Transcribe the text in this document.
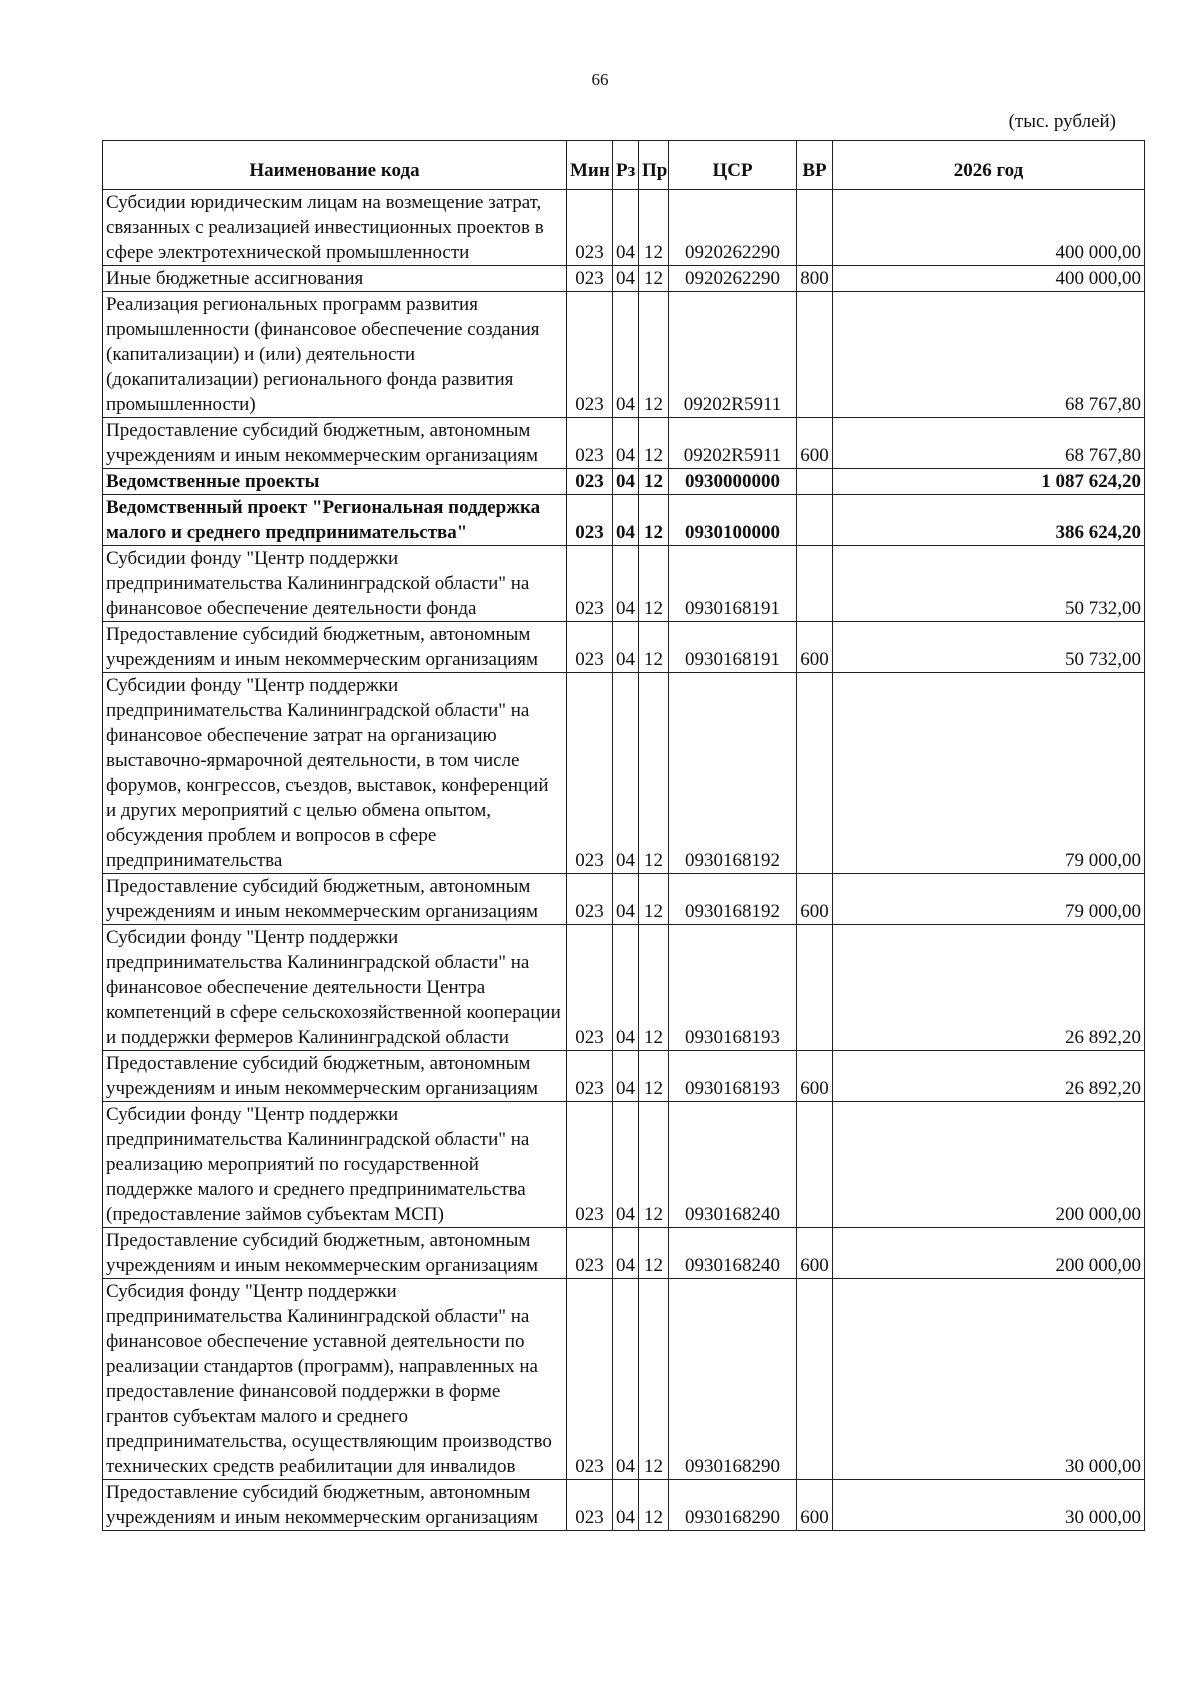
66
(тыс. рублей)
Наименование кода	Мин	Рз	Пр	ЦСР	ВР	2026 год
Субсидии юридическим лицам на возмещение затрат, связанных с реализацией инвестиционных проектов в сфере электротехнической промышленности	023	04	12	0920262290		400 000,00
Иные бюджетные ассигнования	023	04	12	0920262290	800	400 000,00
Реализация региональных программ развития промышленности (финансовое обеспечение создания (капитализации) и (или) деятельности (докапитализации) регионального фонда развития промышленности)	023	04	12	09202R5911		68 767,80
Предоставление субсидий бюджетным, автономным учреждениям и иным некоммерческим организациям	023	04	12	09202R5911	600	68 767,80
Ведомственные проекты	023	04	12	0930000000		1 087 624,20
Ведомственный проект "Региональная поддержка малого и среднего предпринимательства"	023	04	12	0930100000		386 624,20
Субсидии фонду "Центр поддержки предпринимательства Калининградской области" на финансовое обеспечение деятельности фонда	023	04	12	0930168191		50 732,00
Предоставление субсидий бюджетным, автономным учреждениям и иным некоммерческим организациям	023	04	12	0930168191	600	50 732,00
Субсидии фонду "Центр поддержки предпринимательства Калининградской области" на финансовое обеспечение затрат на организацию выставочно-ярмарочной деятельности, в том числе форумов, конгрессов, съездов, выставок, конференций и других мероприятий с целью обмена опытом, обсуждения проблем и вопросов в сфере предпринимательства	023	04	12	0930168192		79 000,00
Предоставление субсидий бюджетным, автономным учреждениям и иным некоммерческим организациям	023	04	12	0930168192	600	79 000,00
Субсидии фонду "Центр поддержки предпринимательства Калининградской области" на финансовое обеспечение деятельности Центра компетенций в сфере сельскохозяйственной кооперации и поддержки фермеров Калининградской области	023	04	12	0930168193		26 892,20
Предоставление субсидий бюджетным, автономным учреждениям и иным некоммерческим организациям	023	04	12	0930168193	600	26 892,20
Субсидии фонду "Центр поддержки предпринимательства Калининградской области" на реализацию мероприятий по государственной поддержке малого и среднего предпринимательства (предоставление займов субъектам МСП)	023	04	12	0930168240		200 000,00
Предоставление субсидий бюджетным, автономным учреждениям и иным некоммерческим организациям	023	04	12	0930168240	600	200 000,00
Субсидия фонду "Центр поддержки предпринимательства Калининградской области" на финансовое обеспечение уставной деятельности по реализации стандартов (программ), направленных на предоставление финансовой поддержки в форме грантов субъектам малого и среднего предпринимательства, осуществляющим производство технических средств реабилитации для инвалидов	023	04	12	0930168290		30 000,00
Предоставление субсидий бюджетным, автономным учреждениям и иным некоммерческим организациям	023	04	12	0930168290	600	30 000,00
